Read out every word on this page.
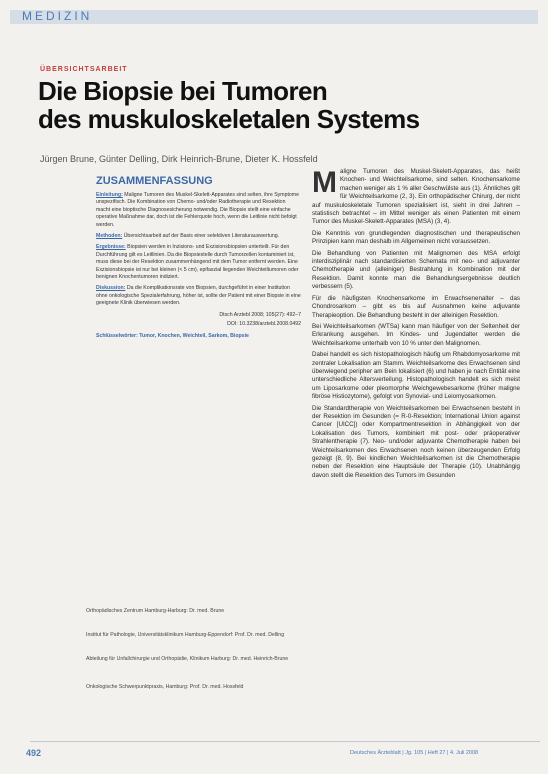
MEDIZIN
ÜBERSICHTSARBEIT
Die Biopsie bei Tumoren
des muskuloskeletalen Systems
Jürgen Brune, Günter Delling, Dirk Heinrich-Brune, Dieter K. Hossfeld
ZUSAMMENFASSUNG

Einleitung: Maligne Tumoren des Muskel-Skelett-Apparates sind selten, ihre Symptome unspezifisch. Die Kombination von Chemo- und/oder Radiotherapie und Resektion macht eine bioptische Diagnosesicherung notwendig. Die Biopsie stellt eine einfache operative Maßnahme dar, doch ist die Fehlerquote hoch, wenn die Leitlinie nicht befolgt werden.

Methoden: Übersichtsarbeit auf der Basis einer selektiven Literaturauswertung.

Ergebnisse: Biopsien werden in Inzisions- und Exzisionsbiopsien unterteilt. Für den Durchführung gilt es Leitlinien. Da die Biopsiestelle durch Tumorzellen kontaminiert ist, muss diese bei der Resektion zusammenhängend mit dem Tumor entfernt werden. Eine Exzisionsbiopsie ist nur bei kleinen (< 5 cm), epifaszial liegenden Weichteiltumoren oder benignen Knochentumoren indiziert.

Diskussion: Da die Komplikationsrate von Biopsien, durchgeführt in einer Institution ohne onkologische Spezialerfahrung, höher ist, sollte der Patient mit einer Biopsie in eine geeignete Klinik überwiesen werden.

Dtsch Arztebl 2008; 105(27): 492–7
DOI: 10.3238/arztebl.2008.0492
Schlüsselwörter: Tumor, Knochen, Weichteil, Sarkom, Biopsie
Orthopädisches Zentrum Hamburg-Harburg: Dr. med. Brune
Institut für Pathologie, Universitätsklinikum Hamburg-Eppendorf: Prof. Dr. med. Delling
Abteilung für Unfallchirurgie und Orthopädie, Klinikum Harburg: Dr. med. Heinrich-Brune
Onkologische Schwerpunktpraxis, Hamburg: Prof. Dr. med. Hossfeld

Maligne Tumoren des Muskel-Skelett-Apparates, das heißt Knochen- und Weichteilsarkome, sind selten. Knochensarkome machen weniger als 1 % aller Geschwülste aus (1). Ähnliches gilt für Weichteilsarkome (2, 3). Ein orthopädischer Chirurg, der nicht auf muskuloskeletale Tumoren spezialisiert ist, sieht in drei Jahren – statistisch betrachtet – im Mittel weniger als einen Patienten mit einem Tumor des Muskel-Skelett-Apparates (MSA) (3, 4).

Die Kenntnis von grundlegenden diagnostischen und therapeutischen Prinzipien kann man deshalb im Allgemeinen nicht voraussetzen.

Die Behandlung von Patienten mit Malignomen des MSA erfolgt interdisziplinär nach standardisierten Schemata mit neo- und adjuvanter Chemotherapie und (alleiniger) Bestrahlung in Kombination mit der Resektion. Damit konnte man die Behandlungsergebnisse deutlich verbessern (5).

Für die häufigsten Knochensarkome im Erwachsenenalter – das Chondrosarkom – gibt es bis auf Ausnahmen keine adjuvante Therapieoption. Die Behandlung besteht in der alleinigen Resektion.

Bei Weichteilsarkomen (WTSa) kann man häufiger von der Seltenheit der Erkrankung ausgehen. Im Kindes- und Jugendalter werden die Weichteilsarkome unterhalb von 10 % unter den Malignomen.

Dabei handelt es sich histopathologisch häufig um Rhabdomyosarkome mit zentraler Lokalisation am Stamm. Weichteilsarkome des Erwachsenen sind überwiegend peripher am Bein lokalisiert (6) und haben je nach Entität eine unterschiedliche Altersverteilung. Histopathologisch handelt es sich meist um Liposarkome oder pleomorphe Weichgewebesarkome (früher maligne fibröse Histiozytome), gefolgt von Synovial- und Leiomyosarkomen.

Die Standardtherapie von Weichteilsarkomen bei Erwachsenen besteht in der Resektion im Gesunden (= R-0-Resektion; International Union against Cancer [UICC]) oder Kompartmentresektion in Abhängigkeit von der Lokalisation des Tumors, kombiniert mit post- oder präoperativer Strahlentherapie (7). Neo- und/oder adjuvante Chemotherapie haben bei Weichteilsarkomen des Erwachsenen noch keinen überzeugenden Erfolg gezeigt (8, 9). Bei kindlichen Weichteilsarkomen ist die Chemotherapie neben der Resektion eine Hauptsäule der Therapie (10). Unabhängig davon stellt die Resektion des Tumors im Gesunden

492	Deutsches Ärzteblatt | Jg. 105 | Heft 27 | 4. Juli 2008
